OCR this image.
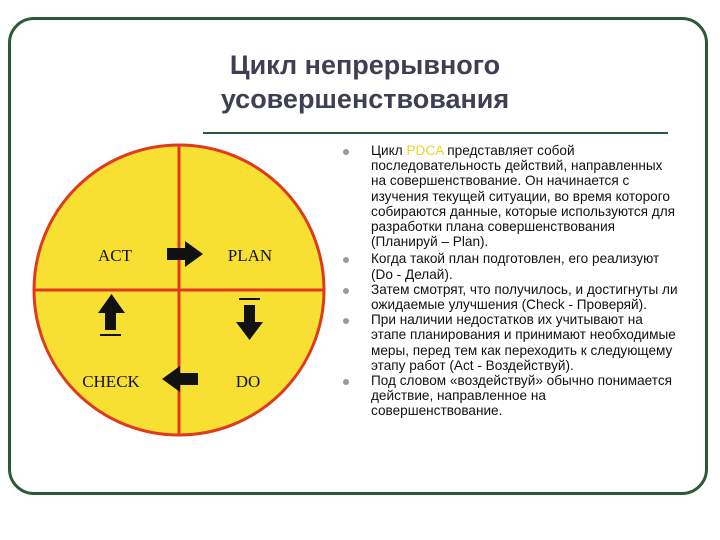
Цикл непрерывного
усовершенствования
ACT	PLAN
CHECK	DO
Цикл PDCA представляет собой последовательность действий, направленных на совершенствование. Он начинается с изучения текущей ситуации, во время которого собираются данные, которые используются для разработки плана совершенствования (Планируй – Plan).
Когда такой план подготовлен, его реализуют (Do - Делай).
Затем смотрят, что получилось, и достигнуты ли ожидаемые улучшения (Check - Проверяй).
При наличии недостатков их учитывают на этапе планирования и принимают необходимые меры, перед тем как переходить к следующему этапу работ (Act - Воздействуй).
Под словом «воздействуй» обычно понимается действие, направленное на совершенствование.
